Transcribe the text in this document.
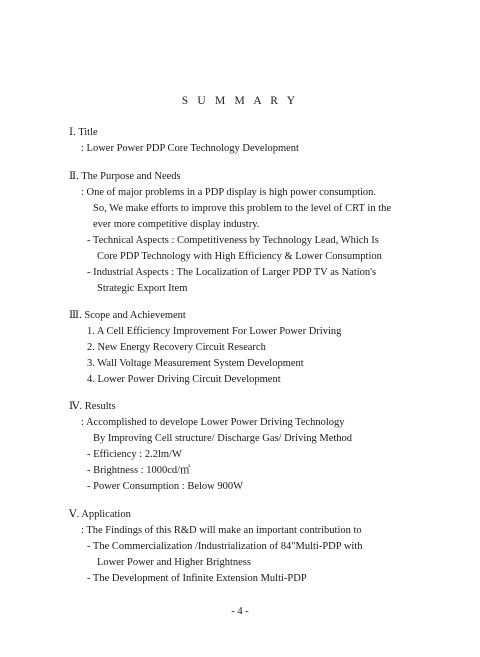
S U M M A R Y
Ⅰ. Title
: Lower Power PDP Core Technology Development
Ⅱ. The Purpose and Needs
: One of major problems in a PDP display is high power consumption.
So, We make efforts to improve this problem to the level of CRT in the
ever more competitive display industry.
- Technical Aspects : Competitiveness by Technology Lead, Which Is
Core PDP Technology with High Efficiency & Lower Consumption
- Industrial Aspects : The Localization of Larger PDP TV as Nation's
Strategic Export Item
Ⅲ. Scope and Achievement
1. A Cell Efficiency Improvement For Lower Power Driving
2. New Energy Recovery Circuit Research
3. Wall Voltage Measurement System Development
4. Lower Power Driving Circuit Development
Ⅳ. Results
: Accomplished to develope Lower Power Driving Technology
By Improving Cell structure/ Discharge Gas/ Driving Method
- Efficiency : 2.2lm/W
- Brightness : 1000cd/㎡
- Power Consumption : Below 900W
Ⅴ. Application
: The Findings of this R&D will make an important contribution to
- The Commercialization /Industrialization of 84"Multi-PDP with
Lower Power and Higher Brightness
- The Development of Infinite Extension Multi-PDP
- 4 -
